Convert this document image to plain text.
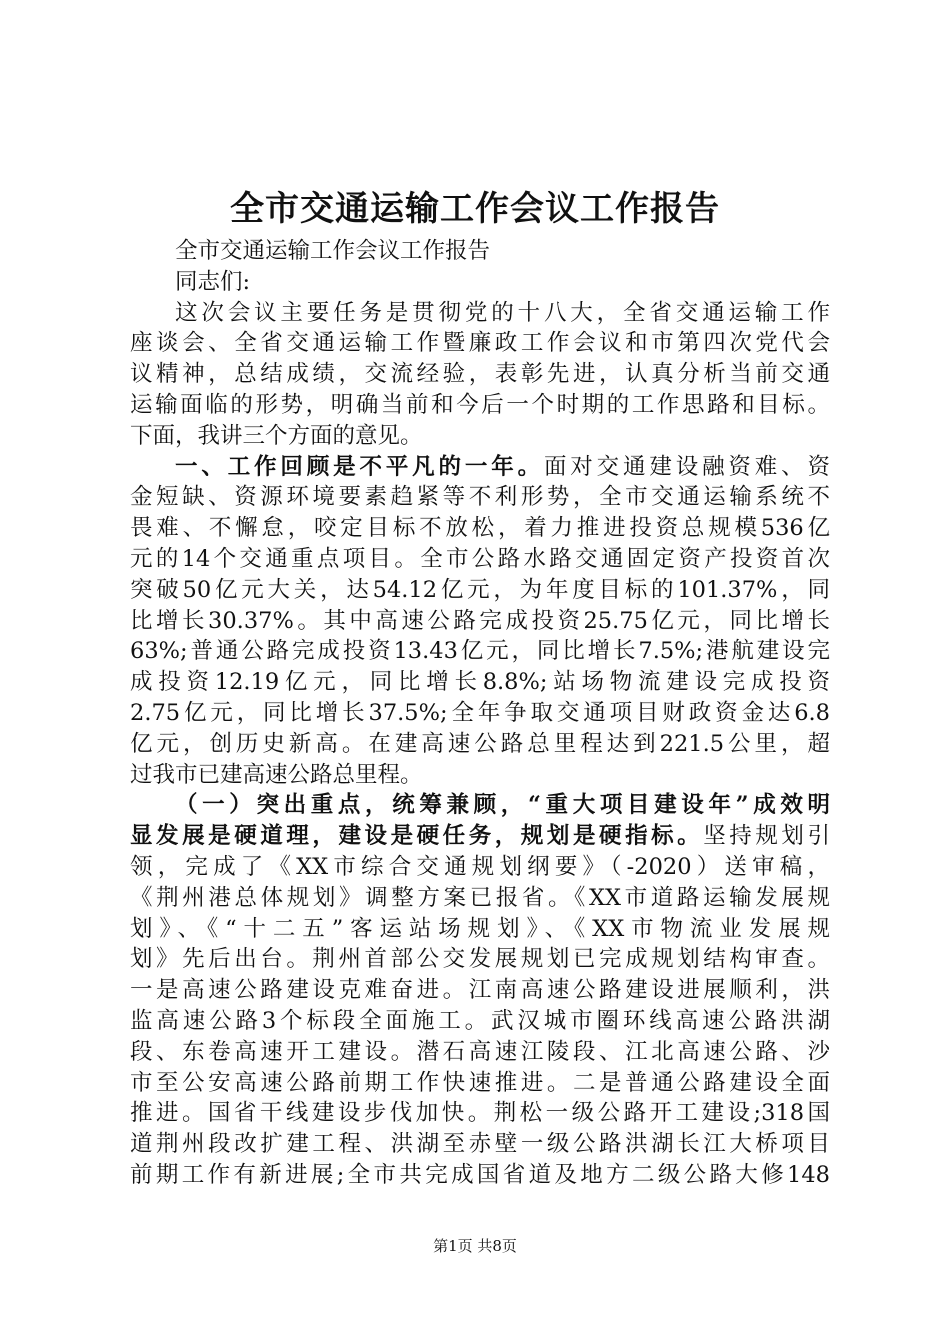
全市交通运输工作会议工作报告
全市交通运输工作会议工作报告
同志们:
这次会议主要任务是贯彻党的十八大，全省交通运输工作
座谈会、全省交通运输工作暨廉政工作会议和市第四次党代会
议精神，总结成绩，交流经验，表彰先进，认真分析当前交通
运输面临的形势，明确当前和今后一个时期的工作思路和目标。
下面，我讲三个方面的意见。
一、工作回顾是不平凡的一年。面对交通建设融资难、资
金短缺、资源环境要素趋紧等不利形势，全市交通运输系统不
畏难、不懈怠，咬定目标不放松，着力推进投资总规模536亿
元的14个交通重点项目。全市公路水路交通固定资产投资首次
突破50亿元大关，达54.12亿元，为年度目标的101.37%，同
比增长30.37%。其中高速公路完成投资25.75亿元，同比增长
63%;普通公路完成投资13.43亿元，同比增长7.5%;港航建设完
成投资12.19亿元，同比增长8.8%;站场物流建设完成投资
2.75亿元，同比增长37.5%;全年争取交通项目财政资金达6.8
亿元，创历史新高。在建高速公路总里程达到221.5公里，超
过我市已建高速公路总里程。
（一）突出重点，统筹兼顾，“重大项目建设年”成效明
显发展是硬道理，建设是硬任务，规划是硬指标。坚持规划引
领，完成了《XX市综合交通规划纲要》（-2020）送审稿，
《荆州港总体规划》调整方案已报省。《XX市道路运输发展规
划》、《“十二五”客运站场规划》、《XX市物流业发展规
划》先后出台。荆州首部公交发展规划已完成规划结构审查。
一是高速公路建设克难奋进。江南高速公路建设进展顺利，洪
监高速公路3个标段全面施工。武汉城市圈环线高速公路洪湖
段、东卷高速开工建设。潜石高速江陵段、江北高速公路、沙
市至公安高速公路前期工作快速推进。二是普通公路建设全面
推进。国省干线建设步伐加快。荆松一级公路开工建设;318国
道荆州段改扩建工程、洪湖至赤壁一级公路洪湖长江大桥项目
前期工作有新进展;全市共完成国省道及地方二级公路大修148
第1页 共8页
